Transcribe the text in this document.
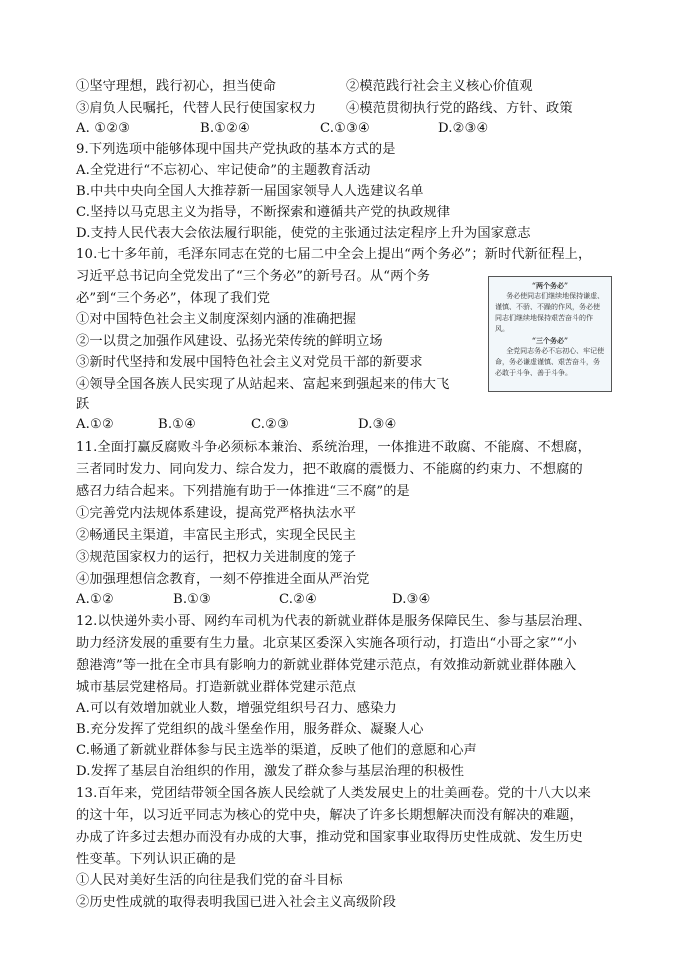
①坚守理想，践行初心，担当使命	②模范践行社会主义核心价值观
③肩负人民嘱托，代替人民行使国家权力 ④模范贯彻执行党的路线、方针、政策
A. ①②③	B.①②④	C.①③④	D.②③④
9.下列选项中能够体现中国共产党执政的基本方式的是
A.全党进行“不忘初心、牢记使命”的主题教育活动
B.中共中央向全国人大推荐新一届国家领导人人选建议名单
C.坚持以马克思主义为指导，不断探索和遵循共产党的执政规律
D.支持人民代表大会依法履行职能，使党的主张通过法定程序上升为国家意志
10.七十多年前，毛泽东同志在党的七届二中全会上提出“两个务必”；新时代新征程上，
习近平总书记向全党发出了“三个务必”的新号召。从“两个务
必”到“三个务必”，体现了我们党
①对中国特色社会主义制度深刻内涵的准确把握
②一以贯之加强作风建设、弘扬光荣传统的鲜明立场
③新时代坚持和发展中国特色社会主义对党员干部的新要求
④领导全国各族人民实现了从站起来、富起来到强起来的伟大飞
跃
A.①②	B.①④	C.②③	D.③④
“两个务必”
务必使同志们继续地保持谦虚、谨慎、不骄、不躁的作风，务必使同志们继续地保持艰苦奋斗的作风。
“三个务必”
全党同志务必不忘初心、牢记使命，务必谦虚谨慎、艰苦奋斗，务必敢于斗争、善于斗争。
11.全面打赢反腐败斗争必须标本兼治、系统治理，一体推进不敢腐、不能腐、不想腐，
三者同时发力、同向发力、综合发力，把不敢腐的震慑力、不能腐的约束力、不想腐的
感召力结合起来。下列措施有助于一体推进“三不腐”的是
①完善党内法规体系建设，提高党严格执法水平
②畅通民主渠道，丰富民主形式，实现全民民主
③规范国家权力的运行，把权力关进制度的笼子
④加强理想信念教育，一刻不停推进全面从严治党
A.①②	B.①③	C.②④	D.③④
12.以快递外卖小哥、网约车司机为代表的新就业群体是服务保障民生、参与基层治理、
助力经济发展的重要有生力量。北京某区委深入实施各项行动，打造出“小哥之家”“小
憩港湾”等一批在全市具有影响力的新就业群体党建示范点，有效推动新就业群体融入
城市基层党建格局。打造新就业群体党建示范点
A.可以有效增加就业人数，增强党组织号召力、感染力
B.充分发挥了党组织的战斗堡垒作用，服务群众、凝聚人心
C.畅通了新就业群体参与民主选举的渠道，反映了他们的意愿和心声
D.发挥了基层自治组织的作用，激发了群众参与基层治理的积极性
13.百年来，党团结带领全国各族人民绘就了人类发展史上的壮美画卷。党的十八大以来
的这十年，以习近平同志为核心的党中央，解决了许多长期想解决而没有解决的难题，
办成了许多过去想办而没有办成的大事，推动党和国家事业取得历史性成就、发生历史
性变革。下列认识正确的是
①人民对美好生活的向往是我们党的奋斗目标
②历史性成就的取得表明我国已进入社会主义高级阶段
